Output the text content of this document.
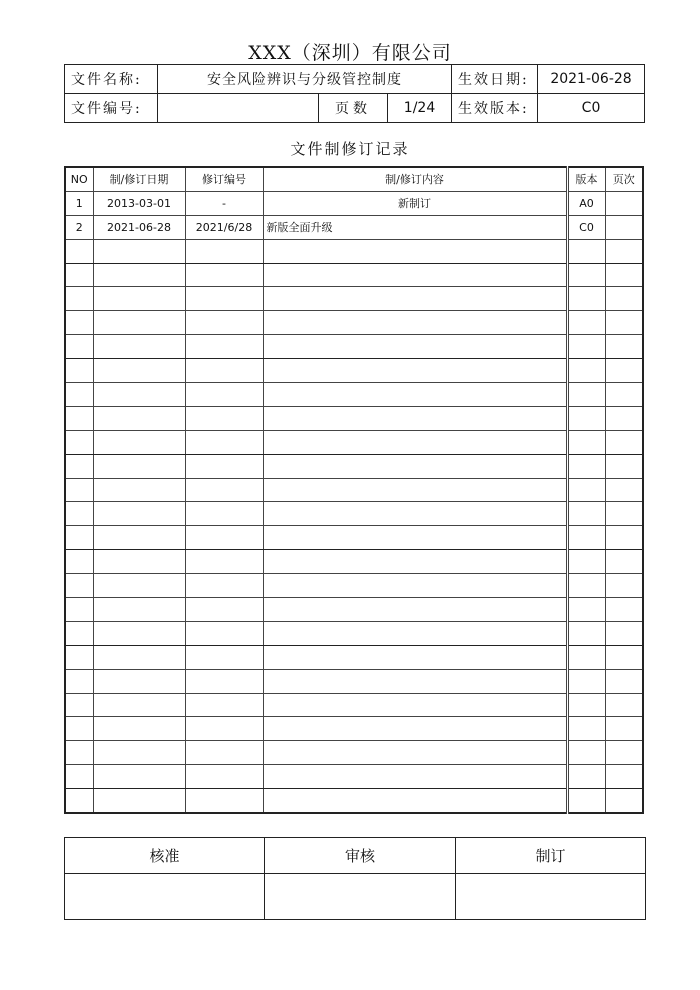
XXX（深圳）有限公司
文件名称:	安全风险辨识与分级管控制度			生效日期:	2021-06-28
文件编号:		页数	1/24	生效版本:	C0
文件制修订记录
NO	制/修订日期	修订编号	制/修订内容	版本	页次
1	2013-03-01	-	新制订	A0	
2	2021-06-28	2021/6/28	新版全面升级	C0	

核准	审核	制订
